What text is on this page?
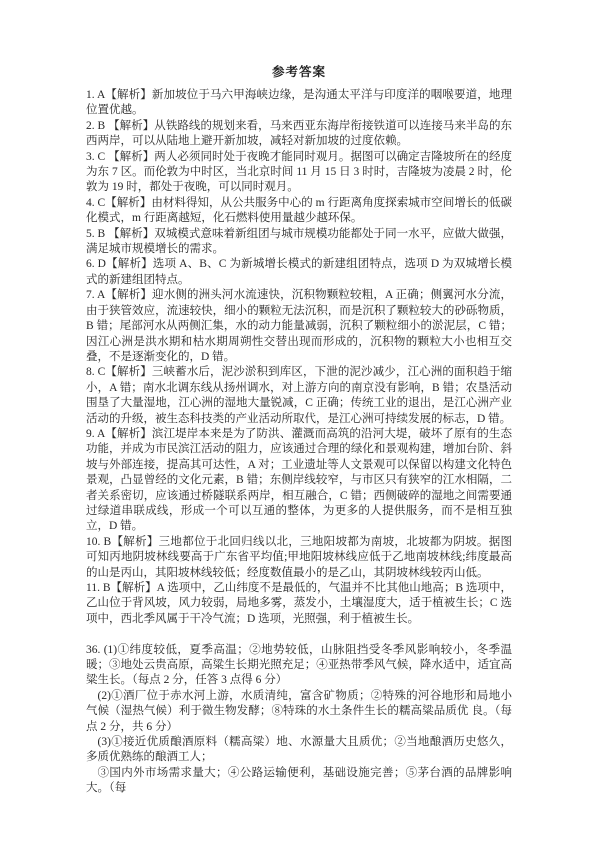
参考答案

1. A【解析】新加坡位于马六甲海峡边缘，是沟通太平洋与印度洋的咽喉要道，地理位置优越。

2. B 【解析】从铁路线的规划来看，马来西亚东海岸衔接铁道可以连接马来半岛的东西两岸，可以从陆地上避开新加坡，减轻对新加坡的过度依赖。

3. C 【解析】两人必须同时处于夜晚才能同时观月。据图可以确定吉隆坡所在的经度为东 7 区。而伦敦为中时区，当北京时间 11 月 15 日 3 时时，吉隆坡为凌晨 2 时，伦敦为 19 时，都处于夜晚，可以同时观月。

4. C【解析】由材料得知，从公共服务中心的 m 行距离角度探索城市空间增长的低碳化模式，m 行距离越短，化石燃料使用量越少越环保。

5. B 【解析】双城模式意味着新组团与城市规模功能都处于同一水平，应做大做强，满足城市规模增长的需求。

6. D【解析】选项 A、B、C 为新城增长模式的新建组团特点，选项 D 为双城增长模式的新建组团特点。

7. A【解析】迎水侧的洲头河水流速快，沉积物颗粒较粗，A 正确；侧翼河水分流，由于狭管效应，流速较快，细小的颗粒无法沉积，而是沉积了颗粒较大的砂砾物质，B 错；尾部河水从两侧汇集，水的动力能量减弱，沉积了颗粒细小的淤泥层，C 错；因江心洲是洪水期和枯水期周朔性交替出现而形成的，沉积物的颗粒大小也相互交叠，不是逐渐变化的，D 错。

8. C【解析】三峡蓄水后，泥沙淤积到库区，下泄的泥沙减少，江心洲的面积趋于缩小，A 错；南水北调东线从扬州调水，对上游方向的南京没有影响，B 错；农垦活动围垦了大量湿地，江心洲的湿地大量锐减，C 正确；传统工业的退出，是江心洲产业活动的升级，被生态科技类的产业活动所取代，是江心洲可持续发展的标志，D 错。

9. A【解析】滨江堤岸本来是为了防洪、灌溉而高筑的沿河大堤，破坏了原有的生态功能，并成为市民滨江活动的阻力，应该通过合理的绿化和景观构建，增加台阶、斜坡与外部连接，提高其可达性，A 对；工业遗址等人文景观可以保留以构建文化特色景观，凸显曾经的文化元素，B 错；东侧岸线较窄，与市区只有狭窄的江水相隔，二者关系密切，应该通过桥隧联系两岸，相互融合，C 错；西侧破碎的湿地之间需要通过绿道串联成线，形成一个可以互通的整体，为更多的人提供服务，而不是相互独立，D 错。

10. B【解析】三地都位于北回归线以北，三地阳坡都为南坡，北坡都为阴坡。据图可知丙地阴坡林线要高于广东省平均值;甲地阳坡林线应低于乙地南坡林线;纬度最高的山是丙山，其阳坡林线较低；经度数值最小的是乙山，其阴坡林线较丙山低。

11. B【解析】A 选项中，乙山纬度不是最低的，气温并不比其他山地高；B 选项中，乙山位于背风坡，风力较弱，局地多雾，蒸发小，土壤湿度大，适于植被生长；C 选项中，西北季风属于干冷气流；D 选项，光照强，利于植被生长。

36. (1)①纬度较低，夏季高温；②地势较低，山脉阻挡受冬季风影响较小，冬季温暖；③地处云贵高原，高粱生长期光照充足；④亚热带季风气候，降水适中，适宜高粱生长。（每点 2 分，任答 3 点得 6 分）

(2)①酒厂位于赤水河上游，水质清纯，富含矿物质；②特殊的河谷地形和局地小气候（湿热气候）利于微生物发酵；⑧特珠的水土条件生长的糯高粱品质优 良。（每点 2 分，共 6 分）

(3)①接近优质酿酒原料（糯高粱）地、水源量大且质优；②当地酿酒历史悠久，多质优熟练的酿酒工人；

③国内外市场需求量大；④公路运输便利，基础设施完善；⑤茅台酒的品牌影响大。（每
